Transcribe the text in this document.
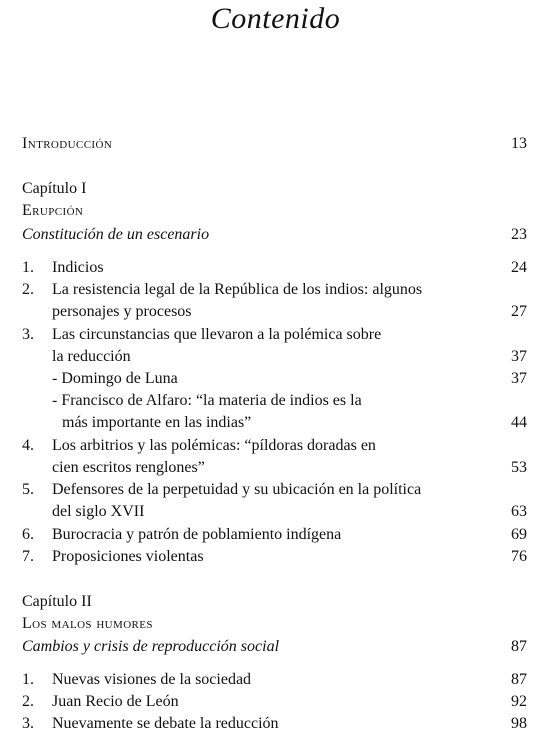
Contenido
Introducción	13
Capítulo I
Erupción
Constitución de un escenario	23
1. Indicios	24
2. La resistencia legal de la República de los indios: algunos
personajes y procesos	27
3. Las circunstancias que llevaron a la polémica sobre
la reducción	37
- Domingo de Luna	37
- Francisco de Alfaro: “la materia de indios es la
más importante en las indias”	44
4. Los arbitrios y las polémicas: “píldoras doradas en
cien escritos renglones”	53
5. Defensores de la perpetuidad y su ubicación en la política
del siglo XVII	63
6. Burocracia y patrón de poblamiento indígena	69
7. Proposiciones violentas	76
Capítulo II
Los malos humores
Cambios y crisis de reproducción social	87
1. Nuevas visiones de la sociedad	87
2. Juan Recio de León	92
3. Nuevamente se debate la reducción	98
